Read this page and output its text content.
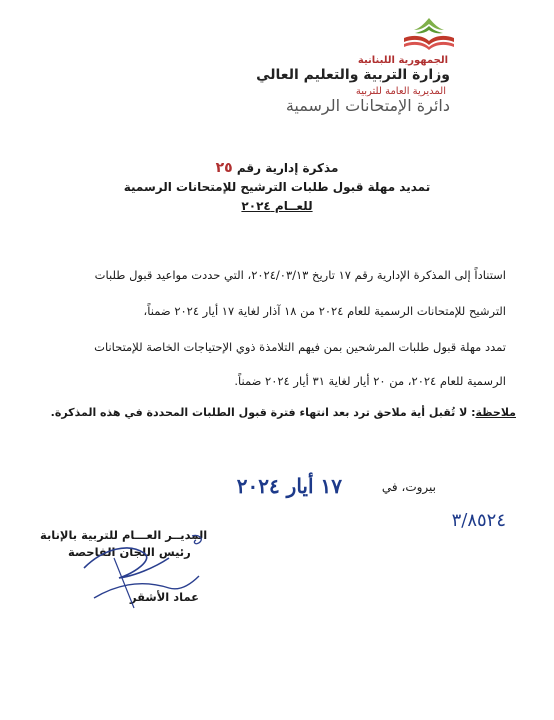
الجمهورية اللبنانية
وزارة التربية والتعليم العالي
المديرية العامة للتربية
دائرة الإمتحانات الرسمية
مذكرة إدارية رقم ٢٥
تمديد مهلة قبول طلبات الترشيح للإمتحانات الرسمية
للعــام ٢٠٢٤
استناداً إلى المذكرة الإدارية رقم ١٧ تاريخ ٢٠٢٤/٠٣/١٣، التي حددت مواعيد قبول طلبات
الترشيح للإمتحانات الرسمية للعام ٢٠٢٤ من ١٨ آذار لغاية ١٧ أيار ٢٠٢٤ ضمناً،
تمدد مهلة قبول طلبات المرشحين بمن فيهم التلامذة ذوي الإحتياجات الخاصة للإمتحانات
الرسمية للعام ٢٠٢٤، من ٢٠ أيار لغاية ٣١ أيار ٢٠٢٤ ضمناً.
ملاحظة: لا تُقبل أية ملاحق ترد بعد انتهاء فترة قبول الطلبات المحددة في هذه المذكرة.
بيروت، في
١٧ أيار ٢٠٢٤
٣/٨٥٢٤
المديــر العـــام للتربية بالإنابة
رئيس اللجان الفاحصة
عماد الأشقر
